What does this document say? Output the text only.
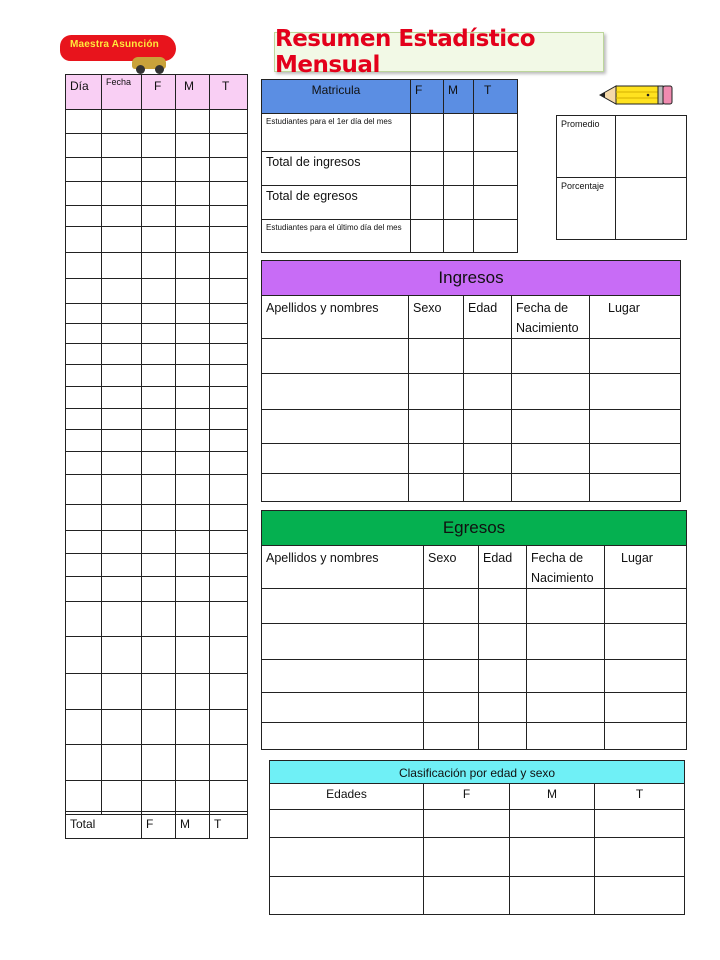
Maestra Asunción	Resumen Estadístico Mensual
Día	Fecha	F	M	T

Total	F	M	T
Matricula	F	M	T

Estudiantes para el 1er día del mes			

Total de ingresos			

Total de egresos			

Estudiantes para el último día del mes			

Promedio	

Porcentaje	

Ingresos
Apellidos y nombres	Sexo	Edad	Fecha de Nacimiento	Lugar

Egresos
Apellidos y nombres	Sexo	Edad	Fecha de Nacimiento	Lugar

Clasificación por edad y sexo			

Edades	F	M	T
